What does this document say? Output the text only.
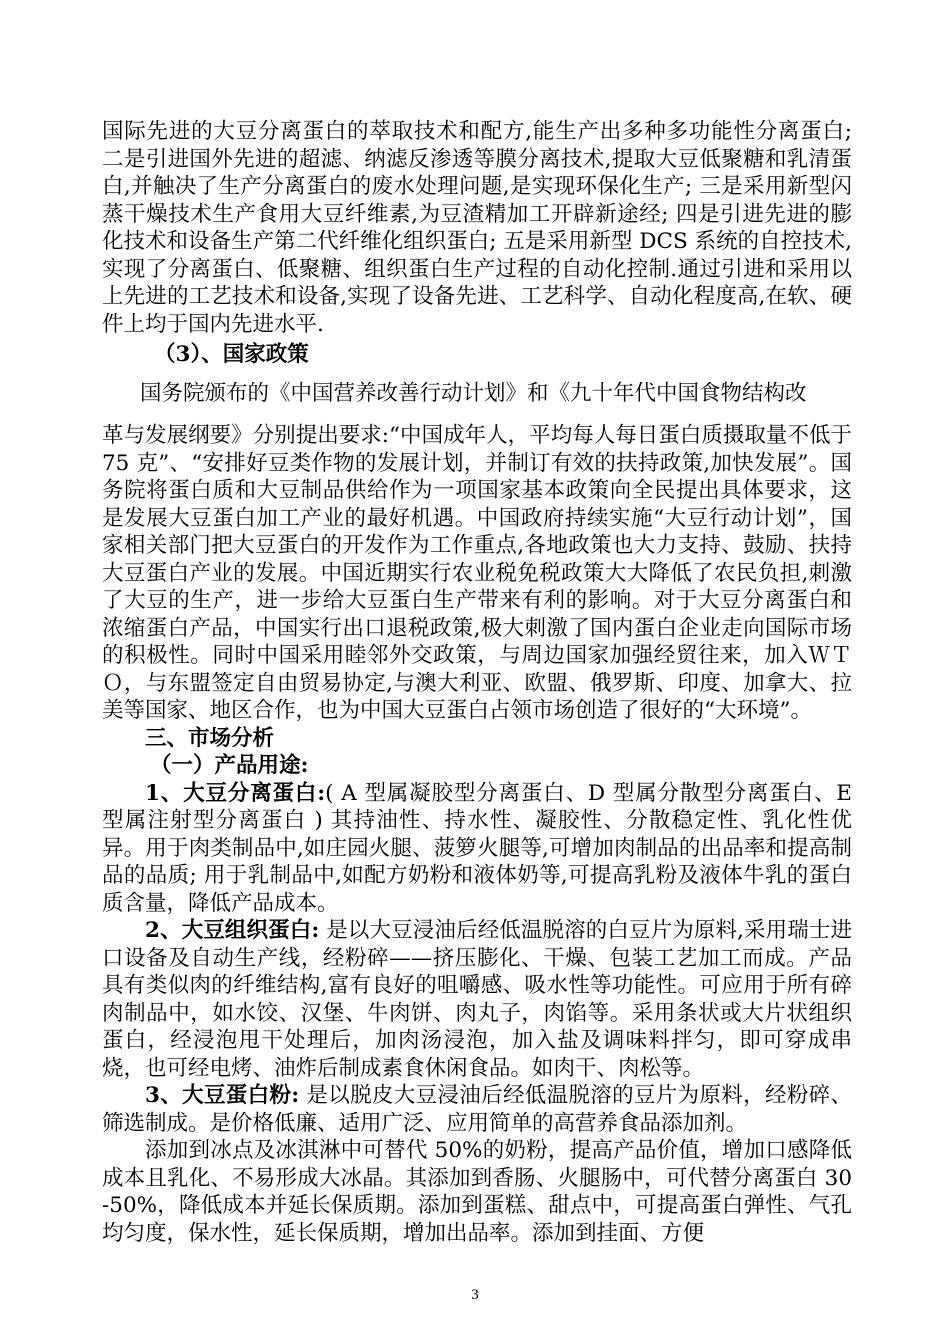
国际先进的大豆分离蛋白的萃取技术和配方,能生产出多种多功能性分离蛋白; 二是引进国外先进的超滤、纳滤反渗透等膜分离技术,提取大豆低聚糖和乳清蛋白,并触决了生产分离蛋白的废水处理问题,是实现环保化生产; 三是采用新型闪蒸干燥技术生产食用大豆纤维素,为豆渣精加工开辟新途经; 四是引进先进的膨化技术和设备生产第二代纤维化组织蛋白; 五是采用新型 DCS 系统的自控技术,实现了分离蛋白、低聚糖、组织蛋白生产过程的自动化控制.通过引进和采用以上先进的工艺技术和设备,实现了设备先进、工艺科学、自动化程度高,在软、硬件上均于国内先进水平.

（3）、国家政策

国务院颁布的《中国营养改善行动计划》和《九十年代中国食物结构改

革与发展纲要》分别提出要求:“中国成年人，平均每人每日蛋白质摄取量不低于 75 克”、“安排好豆类作物的发展计划，并制订有效的扶持政策,加快发展”。国务院将蛋白质和大豆制品供给作为一项国家基本政策向全民提出具体要求，这是发展大豆蛋白加工产业的最好机遇。中国政府持续实施“大豆行动计划”，国家相关部门把大豆蛋白的开发作为工作重点,各地政策也大力支持、鼓励、扶持大豆蛋白产业的发展。中国近期实行农业税免税政策大大降低了农民负担,刺激了大豆的生产，进一步给大豆蛋白生产带来有利的影响。对于大豆分离蛋白和浓缩蛋白产品，中国实行出口退税政策,极大刺激了国内蛋白企业走向国际市场的积极性。同时中国采用睦邻外交政策，与周边国家加强经贸往来，加入ＷＴＯ，与东盟签定自由贸易协定,与澳大利亚、欧盟、俄罗斯、印度、加拿大、拉美等国家、地区合作，也为中国大豆蛋白占领市场创造了很好的“大环境”。

三、市场分析

（一）产品用途:

1、大豆分离蛋白:( A 型属凝胶型分离蛋白、D 型属分散型分离蛋白、E 型属注射型分离蛋白 ) 其持油性、持水性、凝胶性、分散稳定性、乳化性优异。用于肉类制品中,如庄园火腿、菠箩火腿等,可增加肉制品的出品率和提高制品的品质; 用于乳制品中,如配方奶粉和液体奶等,可提高乳粉及液体牛乳的蛋白质含量，降低产品成本。

2、大豆组织蛋白: 是以大豆浸油后经低温脱溶的白豆片为原料,采用瑞士进口设备及自动生产线，经粉碎——挤压膨化、干燥、包装工艺加工而成。产品具有类似肉的纤维结构,富有良好的咀嚼感、吸水性等功能性。可应用于所有碎肉制品中，如水饺、汉堡、牛肉饼、肉丸子，肉馅等。采用条状或大片状组织蛋白，经浸泡甩干处理后，加肉汤浸泡，加入盐及调味料拌匀，即可穿成串烧，也可经电烤、油炸后制成素食休闲食品。如肉干、肉松等。

3、大豆蛋白粉: 是以脱皮大豆浸油后经低温脱溶的豆片为原料，经粉碎、筛选制成。是价格低廉、适用广泛、应用简单的高营养食品添加剂。

添加到冰点及冰淇淋中可替代 50%的奶粉，提高产品价值，增加口感降低成本且乳化、不易形成大冰晶。其添加到香肠、火腿肠中，可代替分离蛋白 30-50%，降低成本并延长保质期。添加到蛋糕、甜点中，可提高蛋白弹性、气孔均匀度，保水性，延长保质期，增加出品率。添加到挂面、方便

3
